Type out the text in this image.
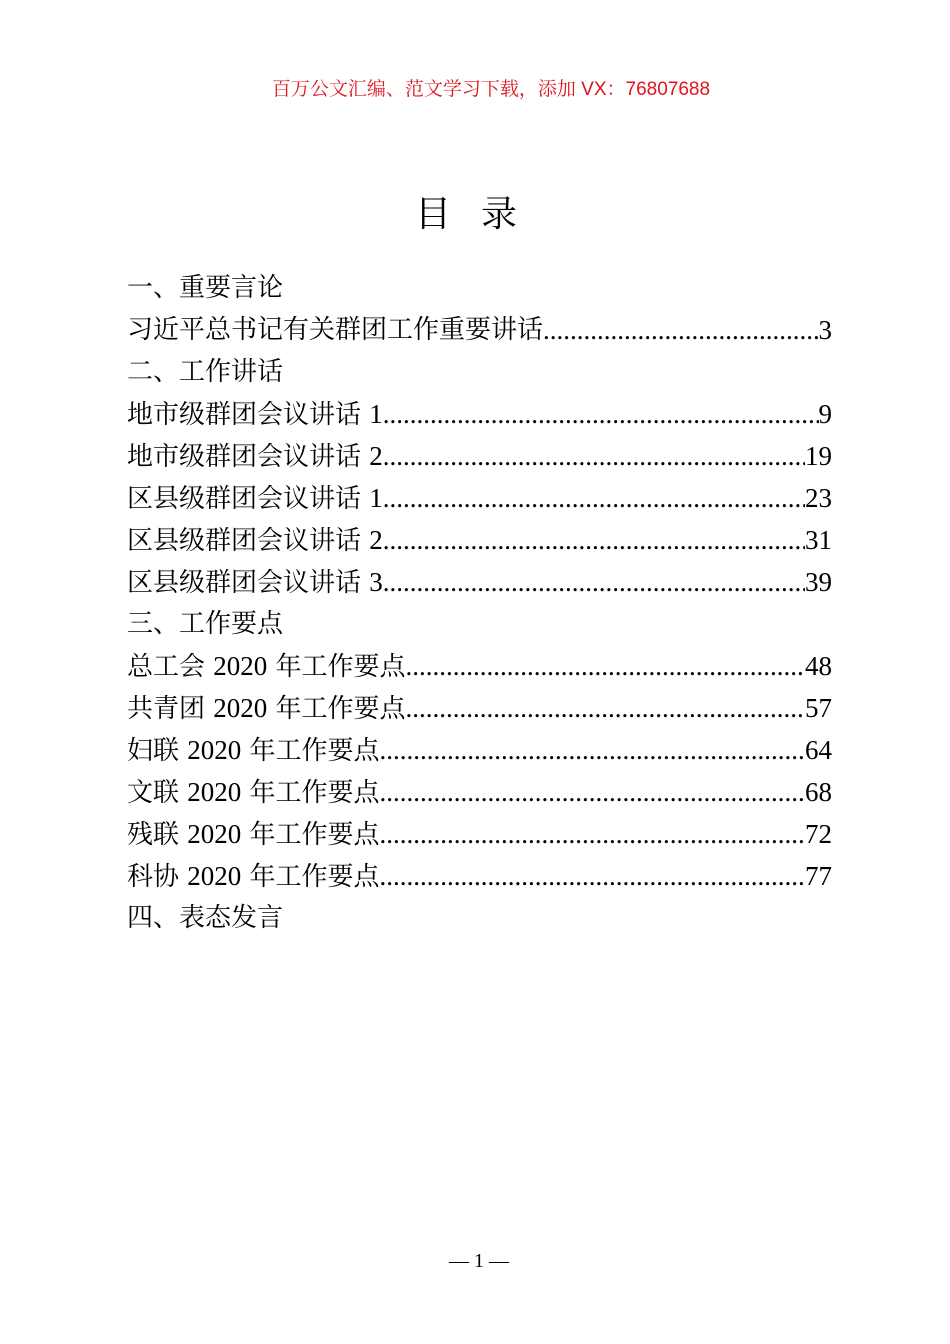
百万公文汇编、范文学习下载，添加 VX：76807688
目录
一、重要言论
习近平总书记有关群团工作重要讲话 .....	3
二、工作讲话
地市级群团会议讲话 1 .....	9
地市级群团会议讲话 2 .....	19
区县级群团会议讲话 1 .....	23
区县级群团会议讲话 2 .....	31
区县级群团会议讲话 3 .....	39
三、工作要点
总工会 2020 年工作要点 .....	48
共青团 2020 年工作要点 .....	57
妇联 2020 年工作要点 .....	64
文联 2020 年工作要点 .....	68
残联 2020 年工作要点 .....	72
科协 2020 年工作要点 .....	77
四、表态发言
— 1 —
